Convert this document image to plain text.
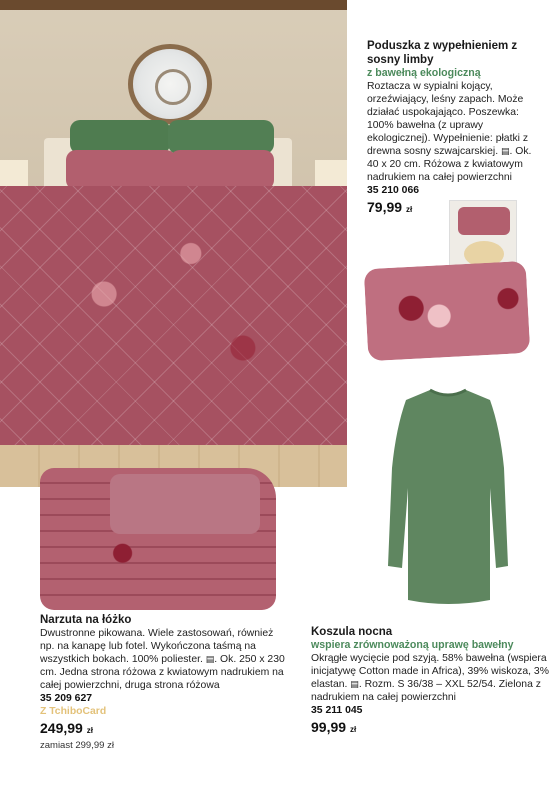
Poduszka z wypełnieniem z sosny limby
z bawełną ekologiczną
Roztacza w sypialni kojący, orzeźwiający, leśny zapach. Może działać uspokajająco. Poszewka: 100% bawełna (z uprawy ekologicznej). Wypełnienie: płatki z drewna sosny szwajcarskiej. ▤. Ok. 40 x 20 cm. Różowa z kwiatowym nadrukiem na całej powierzchni
35 210 066
79,99 zł
Narzuta na łóżko
Dwustronne pikowana. Wiele zastosowań, również np. na kanapę lub fotel. Wykończona taśmą na wszystkich bokach. 100% poliester. ▤. Ok. 250 x 230 cm. Jedna strona różowa z kwiatowym nadrukiem na całej powierzchni, druga strona różowa
35 209 627
Z TchiboCard
249,99 zł
zamiast 299,99 zł
Koszula nocna
wspiera zrównoważoną uprawę bawełny
Okrągłe wycięcie pod szyją. 58% bawełna (wspiera inicjatywę Cotton made in Africa), 39% wiskoza, 3% elastan. ▤. Rozm. S 36/38 – XXL 52/54. Zielona z nadrukiem na całej powierzchni
35 211 045
99,99 zł
